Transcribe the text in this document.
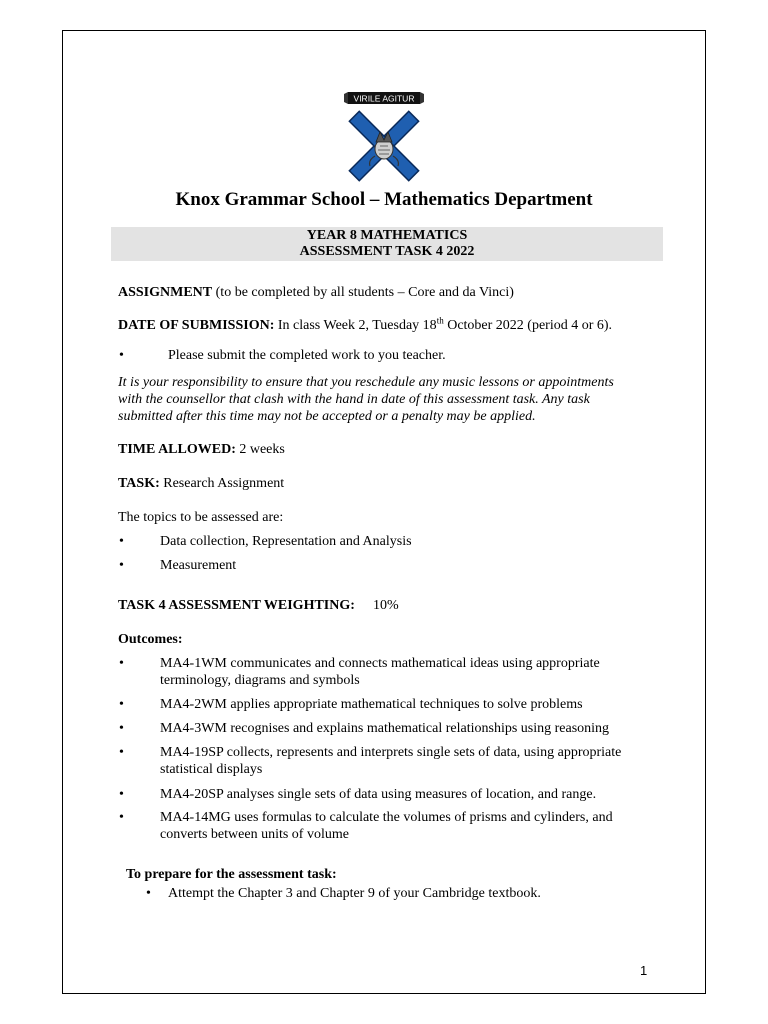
VIRILE AGITUR
Knox Grammar School – Mathematics Department
YEAR 8 MATHEMATICS
ASSESSMENT TASK 4 2022
ASSIGNMENT (to be completed by all students – Core and da Vinci)
DATE OF SUBMISSION: In class Week 2, Tuesday 18th October 2022 (period 4 or 6).
•	Please submit the completed work to you teacher.
It is your responsibility to ensure that you reschedule any music lessons or appointments
with the counsellor that clash with the hand in date of this assessment task. Any task
submitted after this time may not be accepted or a penalty may be applied.
TIME ALLOWED: 2 weeks
TASK: Research Assignment
The topics to be assessed are:
•	Data collection, Representation and Analysis
•	Measurement
TASK 4 ASSESSMENT WEIGHTING: 10%
Outcomes:
•	MA4-1WM communicates and connects mathematical ideas using appropriate
terminology, diagrams and symbols
•	MA4-2WM applies appropriate mathematical techniques to solve problems
•	MA4-3WM recognises and explains mathematical relationships using reasoning
•	MA4-19SP collects, represents and interprets single sets of data, using appropriate
statistical displays
•	MA4-20SP analyses single sets of data using measures of location, and range.
•	MA4-14MG uses formulas to calculate the volumes of prisms and cylinders, and
converts between units of volume
To prepare for the assessment task:
• Attempt the Chapter 3 and Chapter 9 of your Cambridge textbook.
1
